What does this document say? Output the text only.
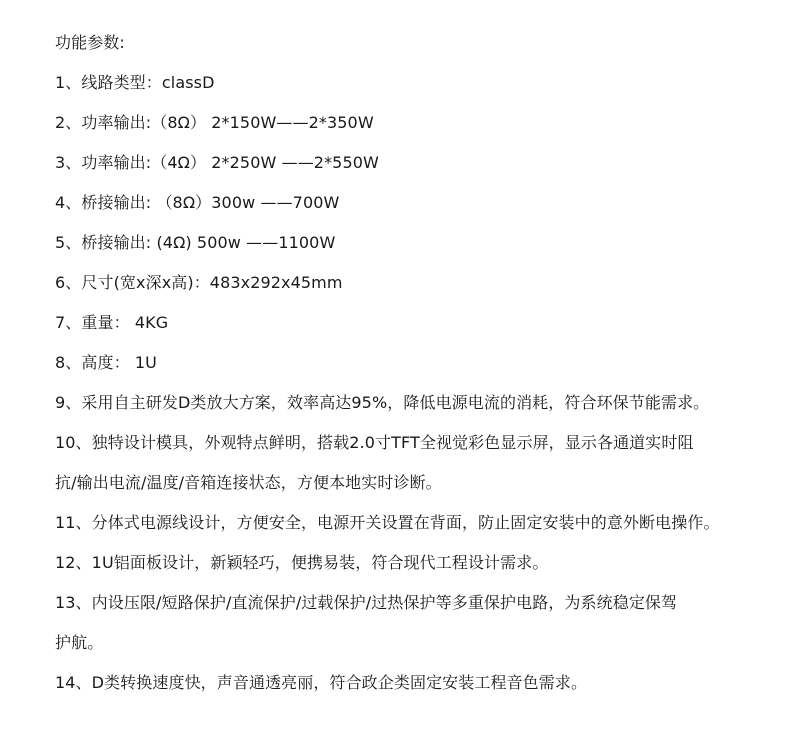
功能参数:
1、线路类型：classD
2、功率输出:（8Ω） 2*150W——2*350W
3、功率输出:（4Ω） 2*250W ——2*550W
4、桥接输出: （8Ω）300w ——700W
5、桥接输出: (4Ω) 500w ——1100W
6、尺寸(宽x深x高)：483x292x45mm
7、重量： 4KG
8、高度： 1U
9、采用自主研发D类放大方案，效率高达95%，降低电源电流的消耗，符合环保节能需求。
10、独特设计模具，外观特点鲜明，搭载2.0寸TFT全视觉彩色显示屏，显示各通道实时阻
抗/输出电流/温度/音箱连接状态，方便本地实时诊断。
11、分体式电源线设计，方便安全，电源开关设置在背面，防止固定安装中的意外断电操作。
12、1U铝面板设计，新颖轻巧，便携易装，符合现代工程设计需求。
13、内设压限/短路保护/直流保护/过载保护/过热保护等多重保护电路，为系统稳定保驾
护航。
14、D类转换速度快，声音通透亮丽，符合政企类固定安装工程音色需求。
